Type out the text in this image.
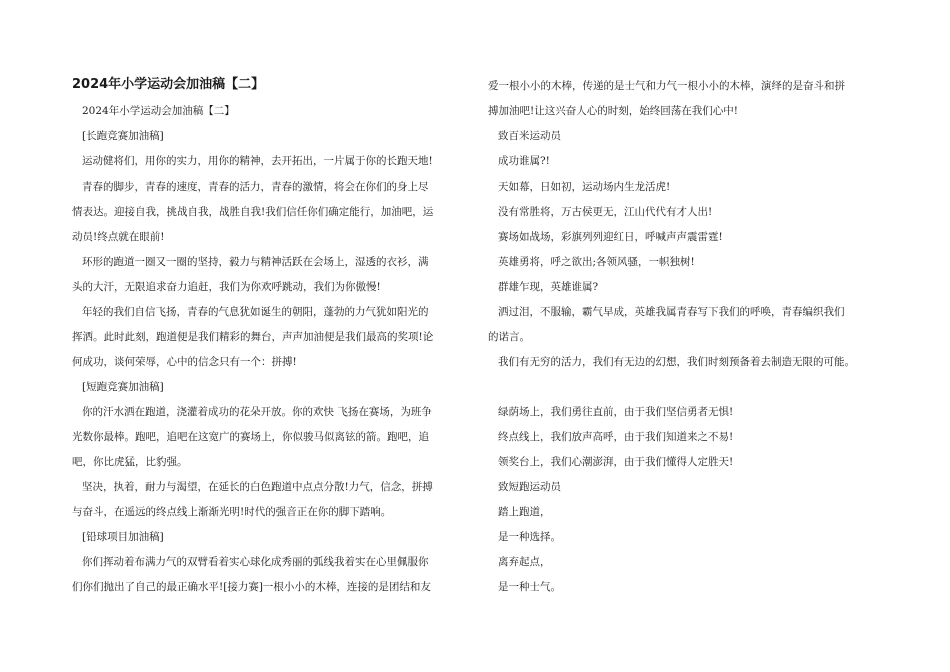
2024年小学运动会加油稿【二】
2024年小学运动会加油稿【二】
[长跑竞赛加油稿]
运动健将们，用你的实力，用你的精神，去开拓出，一片属于你的长跑天地!
青春的脚步，青春的速度，青春的活力，青春的激情，将会在你们的身上尽
情表达。迎接自我，挑战自我，战胜自我!我们信任你们确定能行，加油吧，运
动员!终点就在眼前!
环形的跑道一圈又一圈的坚持，毅力与精神活跃在会场上，湿透的衣衫，满
头的大汗，无限追求奋力追赶，我们为你欢呼跳动，我们为你傲慢!
年轻的我们自信飞扬，青春的气息犹如诞生的朝阳，蓬勃的力气犹如阳光的
挥洒。此时此刻，跑道便是我们精彩的舞台，声声加油便是我们最高的奖项!论
何成功，谈何荣辱，心中的信念只有一个：拼搏!
[短跑竞赛加油稿]
你的汗水洒在跑道，浇灌着成功的花朵开放。你的欢快 飞扬在赛场，为班争
光数你最棒。跑吧，追吧在这宽广的赛场上，你似骏马似离铉的箭。跑吧，追
吧，你比虎猛，比豹强。
坚决，执着，耐力与渴望，在延长的白色跑道中点点分散!力气，信念，拼搏
与奋斗，在遥远的终点线上渐渐光明!时代的强音正在你的脚下踏响。
[铅球项目加油稿]
你们挥动着布满力气的双臂看着实心球化成秀丽的弧线我着实在心里佩服你
们你们抛出了自己的最正确水平![接力赛]一根小小的木棒，连接的是团结和友
爱一根小小的木棒，传递的是士气和力气一根小小的木棒，演绎的是奋斗和拼
搏加油吧!让这兴奋人心的时刻，始终回荡在我们心中!
致百米运动员
成功谁属?!
天如幕，日如初，运动场内生龙活虎!
没有常胜将，万古侯更无，江山代代有才人出!
赛场如战场，彩旗列列迎红日，呼喊声声震雷霆!
英雄勇将，呼之欲出;各领风骚，一帜独树!
群雄乍现，英雄谁属?
洒过泪，不服输，霸气早成，英雄我属青春写下我们的呼唤，青春编织我们
的诺言。
我们有无穷的活力，我们有无边的幻想，我们时刻预备着去制造无限的可能。
绿荫场上，我们勇往直前，由于我们坚信勇者无惧!
终点线上，我们放声高呼，由于我们知道来之不易!
领奖台上，我们心潮澎湃，由于我们懂得人定胜天!
致短跑运动员
踏上跑道，
是一种选择。
离弃起点，
是一种士气。
